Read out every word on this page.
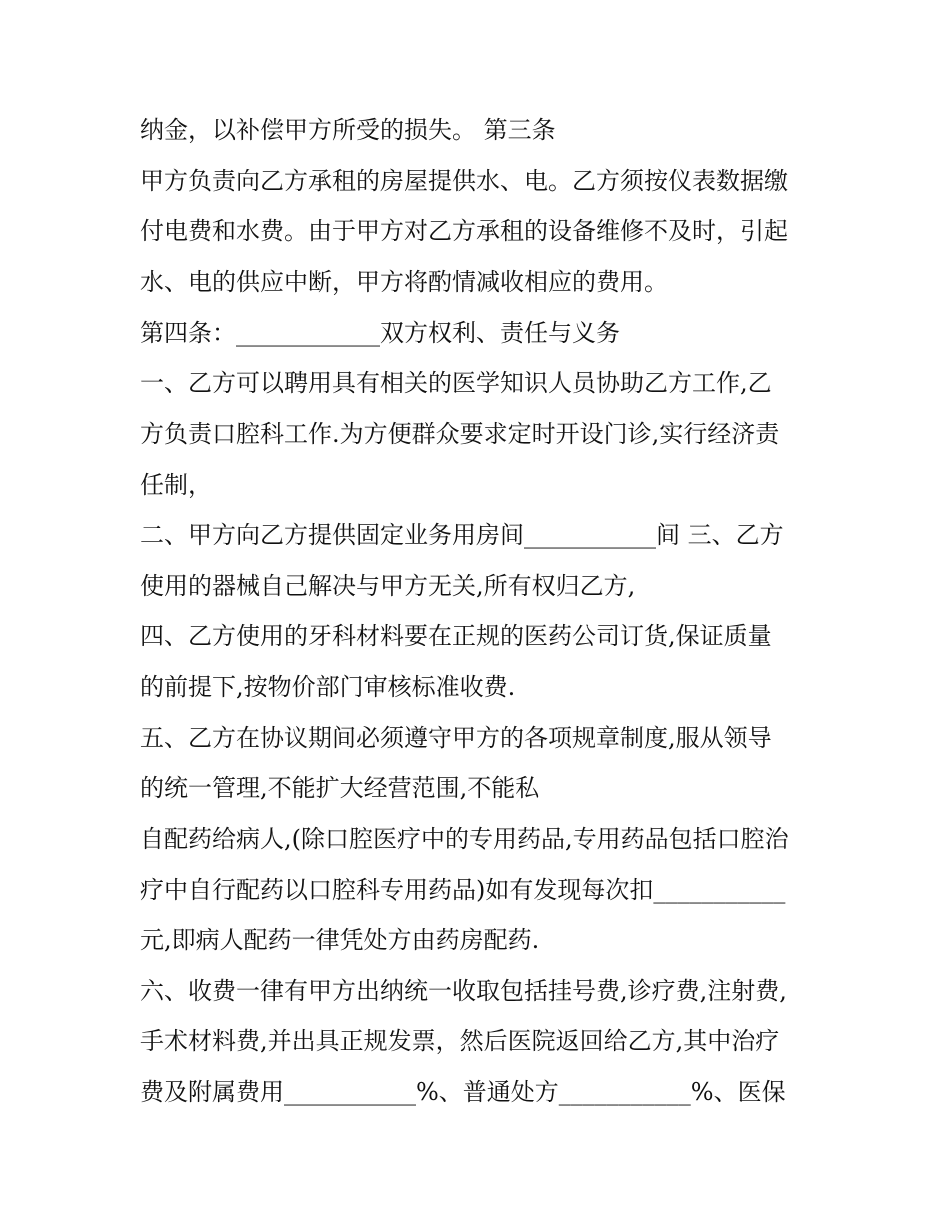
纳金，以补偿甲方所受的损失。 第三条
甲方负责向乙方承租的房屋提供水、电。乙方须按仪表数据缴
付电费和水费。由于甲方对乙方承租的设备维修不及时，引起
水、电的供应中断，甲方将酌情减收相应的费用。
第四条：____________双方权利、责任与义务
一、乙方可以聘用具有相关的医学知识人员协助乙方工作,乙
方负责口腔科工作.为方便群众要求定时开设门诊,实行经济责
任制，
二、甲方向乙方提供固定业务用房间___________间 三、乙方
使用的器械自己解决与甲方无关,所有权归乙方,
四、乙方使用的牙科材料要在正规的医药公司订货,保证质量
的前提下,按物价部门审核标准收费.
五、乙方在协议期间必须遵守甲方的各项规章制度,服从领导
的统一管理,不能扩大经营范围,不能私
自配药给病人,(除口腔医疗中的专用药品,专用药品包括口腔治
疗中自行配药以口腔科专用药品)如有发现每次扣___________
元,即病人配药一律凭处方由药房配药.
六、收费一律有甲方出纳统一收取包括挂号费,诊疗费,注射费,
手术材料费,并出具正规发票，然后医院返回给乙方,其中治疗
费及附属费用___________%、普通处方___________%、医保
